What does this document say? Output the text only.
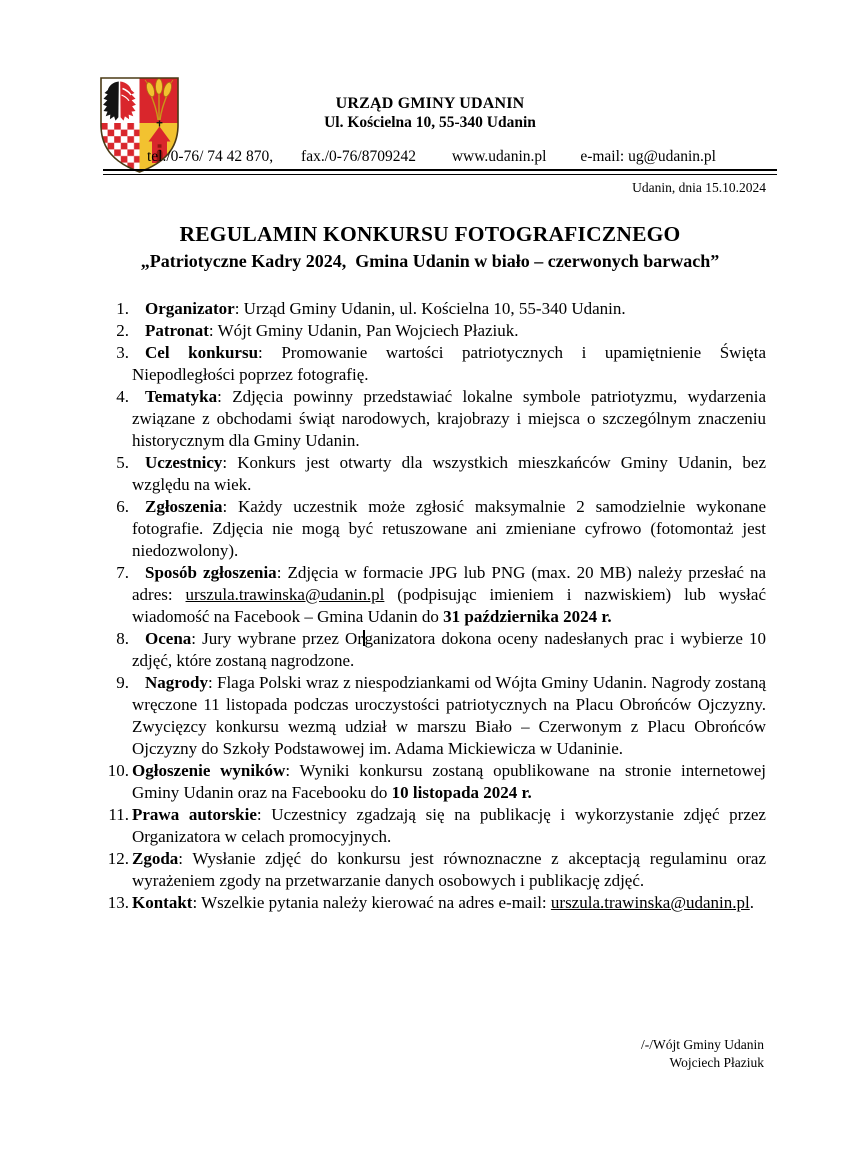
URZĄD GMINY UDANIN
Ul. Kościelna 10, 55-340 Udanin
tel./0-76/ 74 42 870, fax./0-76/8709242 www.udanin.pl e-mail: ug@udanin.pl
Udanin, dnia 15.10.2024
REGULAMIN KONKURSU FOTOGRAFICZNEGO
„Patriotyczne Kadry 2024,  Gmina Udanin w biało – czerwonych barwach”
1. Organizator: Urząd Gminy Udanin, ul. Kościelna 10, 55-340 Udanin.
2. Patronat: Wójt Gminy Udanin, Pan Wojciech Płaziuk.
3. Cel konkursu: Promowanie wartości patriotycznych i upamiętnienie Święta Niepodległości poprzez fotografię.
4. Tematyka: Zdjęcia powinny przedstawiać lokalne symbole patriotyzmu, wydarzenia związane z obchodami świąt narodowych, krajobrazy i miejsca o szczególnym znaczeniu historycznym dla Gminy Udanin.
5. Uczestnicy: Konkurs jest otwarty dla wszystkich mieszkańców Gminy Udanin, bez względu na wiek.
6. Zgłoszenia: Każdy uczestnik może zgłosić maksymalnie 2 samodzielnie wykonane fotografie. Zdjęcia nie mogą być retuszowane ani zmieniane cyfrowo (fotomontaż jest niedozwolony).
7. Sposób zgłoszenia: Zdjęcia w formacie JPG lub PNG (max. 20 MB) należy przesłać na adres: urszula.trawinska@udanin.pl (podpisując imieniem i nazwiskiem) lub wysłać wiadomość na Facebook – Gmina Udanin do 31 października 2024 r.
8. Ocena: Jury wybrane przez Organizatora dokona oceny nadesłanych prac i wybierze 10 zdjęć, które zostaną nagrodzone.
9. Nagrody: Flaga Polski wraz z niespodziankami od Wójta Gminy Udanin. Nagrody zostaną wręczone 11 listopada podczas uroczystości patriotycznych na Placu Obrońców Ojczyzny. Zwycięzcy konkursu wezmą udział w marszu Biało – Czerwonym z Placu Obrońców Ojczyzny do Szkoły Podstawowej im. Adama Mickiewicza w Udaninie.
10. Ogłoszenie wyników: Wyniki konkursu zostaną opublikowane na stronie internetowej Gminy Udanin oraz na Facebooku do 10 listopada 2024 r.
11. Prawa autorskie: Uczestnicy zgadzają się na publikację i wykorzystanie zdjęć przez Organizatora w celach promocyjnych.
12. Zgoda: Wysłanie zdjęć do konkursu jest równoznaczne z akceptacją regulaminu oraz wyrażeniem zgody na przetwarzanie danych osobowych i publikację zdjęć.
13. Kontakt: Wszelkie pytania należy kierować na adres e-mail: urszula.trawinska@udanin.pl.
/-/Wójt Gminy Udanin
Wojciech Płaziuk
